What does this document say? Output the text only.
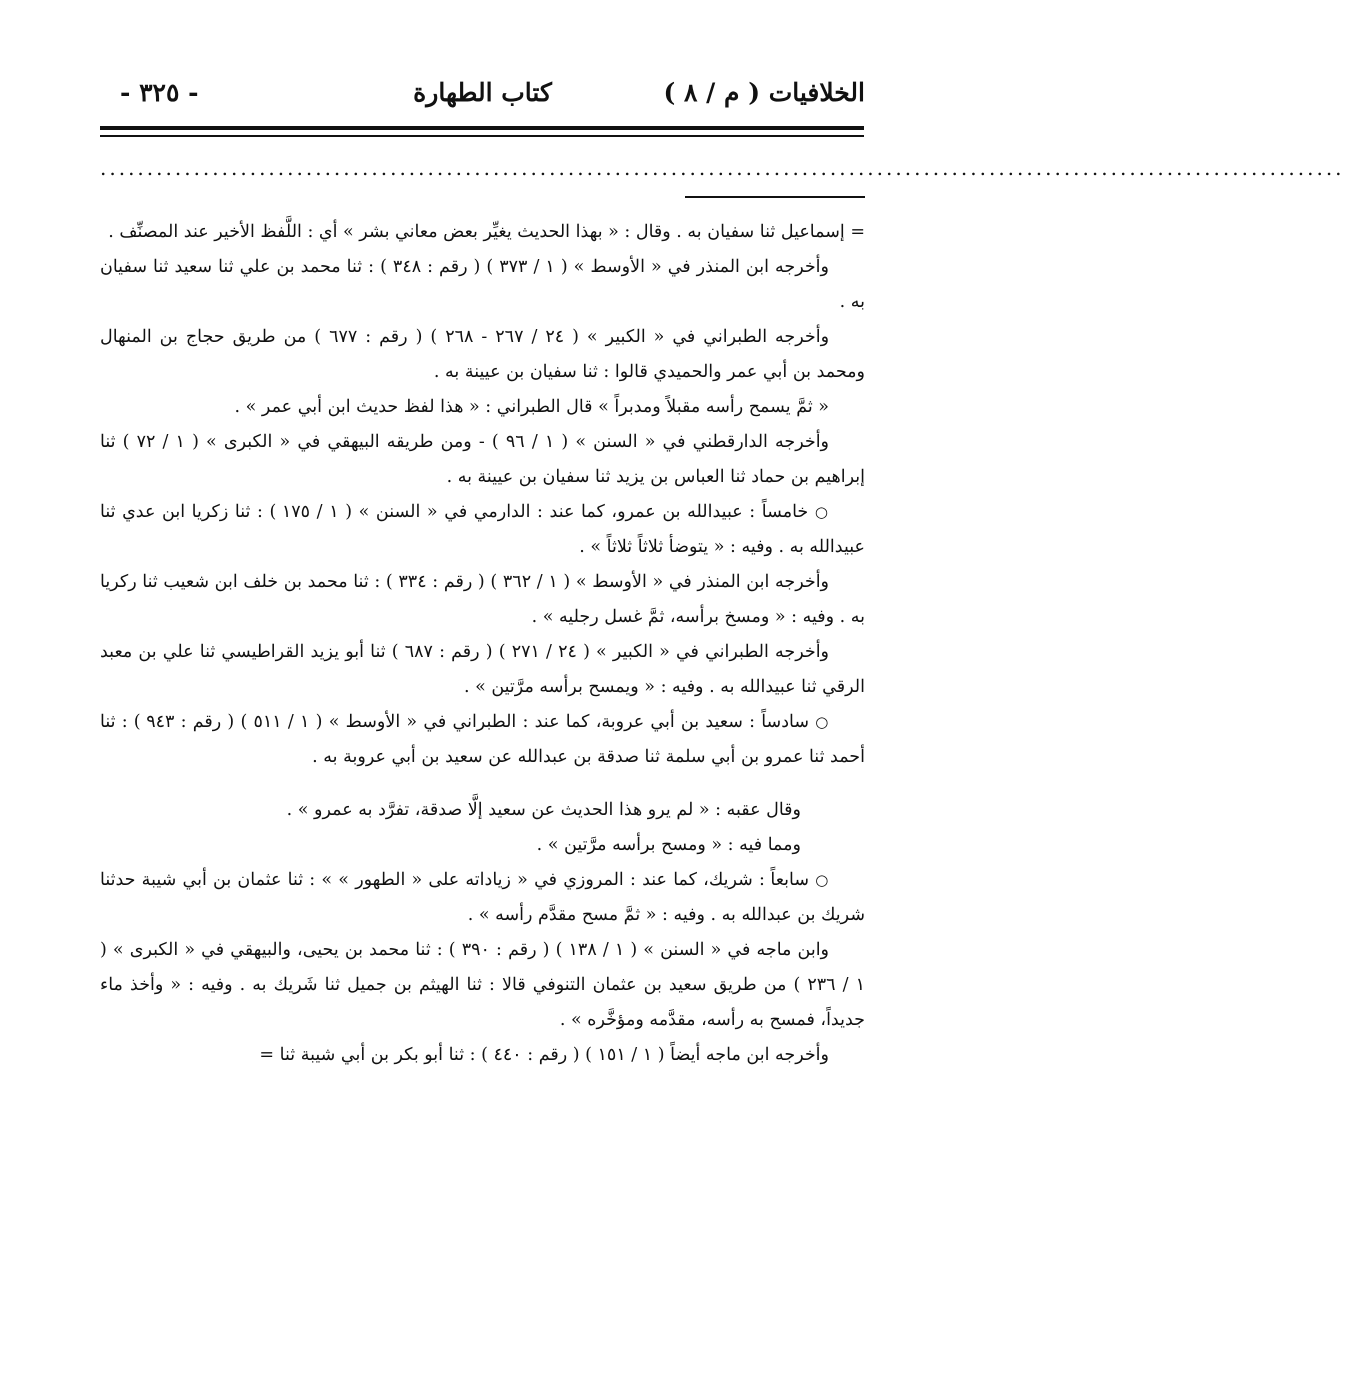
الخلافيات ( م / ٨ )
كتاب الطهارة
- ٣٢٥ -
.....................................................................................................................................

= إسماعيل ثنا سفيان به . وقال : « بهذا الحديث يغيِّر بعض معاني بشر » أي : اللَّفظ الأخير عند المصنِّف .

وأخرجه ابن المنذر في « الأوسط » ( ١ / ٣٧٣ ) ( رقم : ٣٤٨ ) : ثنا محمد بن علي ثنا سعيد ثنا سفيان به .

وأخرجه الطبراني في « الكبير » ( ٢٤ / ٢٦٧ - ٢٦٨ ) ( رقم : ٦٧٧ ) من طريق حجاج بن المنهال ومحمد بن أبي عمر والحميدي قالوا : ثنا سفيان بن عيينة به .

« ثمَّ يسمح رأسه مقبلاً ومدبراً » قال الطبراني : « هذا لفظ حديث ابن أبي عمر » .

وأخرجه الدارقطني في « السنن » ( ١ / ٩٦ ) - ومن طريقه البيهقي في « الكبرى » ( ١ / ٧٢ ) ثنا إبراهيم بن حماد ثنا العباس بن يزيد ثنا سفيان بن عيينة به .

○ خامساً : عبيدالله بن عمرو، كما عند : الدارمي في « السنن » ( ١ / ١٧٥ ) : ثنا زكريا ابن عدي ثنا عبيدالله به . وفيه : « يتوضأ ثلاثاً ثلاثاً » .

وأخرجه ابن المنذر في « الأوسط » ( ١ / ٣٦٢ ) ( رقم : ٣٣٤ ) : ثنا محمد بن خلف ابن شعيب ثنا ركريا به . وفيه : « ومسخ برأسه، ثمَّ غسل رجليه » .

وأخرجه الطبراني في « الكبير » ( ٢٤ / ٢٧١ ) ( رقم : ٦٨٧ ) ثنا أبو يزيد القراطيسي ثنا علي بن معبد الرقي ثنا عبيدالله به . وفيه : « ويمسح برأسه مرَّتين » .

○ سادساً : سعيد بن أبي عروبة، كما عند : الطبراني في « الأوسط » ( ١ / ٥١١ ) ( رقم : ٩٤٣ ) : ثنا أحمد ثنا عمرو بن أبي سلمة ثنا صدقة بن عبدالله عن سعيد بن أبي عروبة به .

وقال عقبه : « لم يرو هذا الحديث عن سعيد إلَّا صدقة، تفرَّد به عمرو » .

ومما فيه : « ومسح برأسه مرَّتين » .

○ سابعاً : شريك، كما عند : المروزي في « زياداته على « الطهور » » : ثنا عثمان بن أبي شيبة حدثنا شريك بن عبدالله به . وفيه : « ثمَّ مسح مقدَّم رأسه » .

وابن ماجه في « السنن » ( ١ / ١٣٨ ) ( رقم : ٣٩٠ ) : ثنا محمد بن يحيى، والبيهقي في « الكبرى » ( ١ / ٢٣٦ ) من طريق سعيد بن عثمان التنوفي قالا : ثنا الهيثم بن جميل ثنا شَريك به . وفيه : « وأخذ ماء جديداً، فمسح به رأسه، مقدَّمه ومؤخَّره » .

وأخرجه ابن ماجه أيضاً ( ١ / ١٥١ ) ( رقم : ٤٤٠ ) : ثنا أبو بكر بن أبي شيبة ثنا =
